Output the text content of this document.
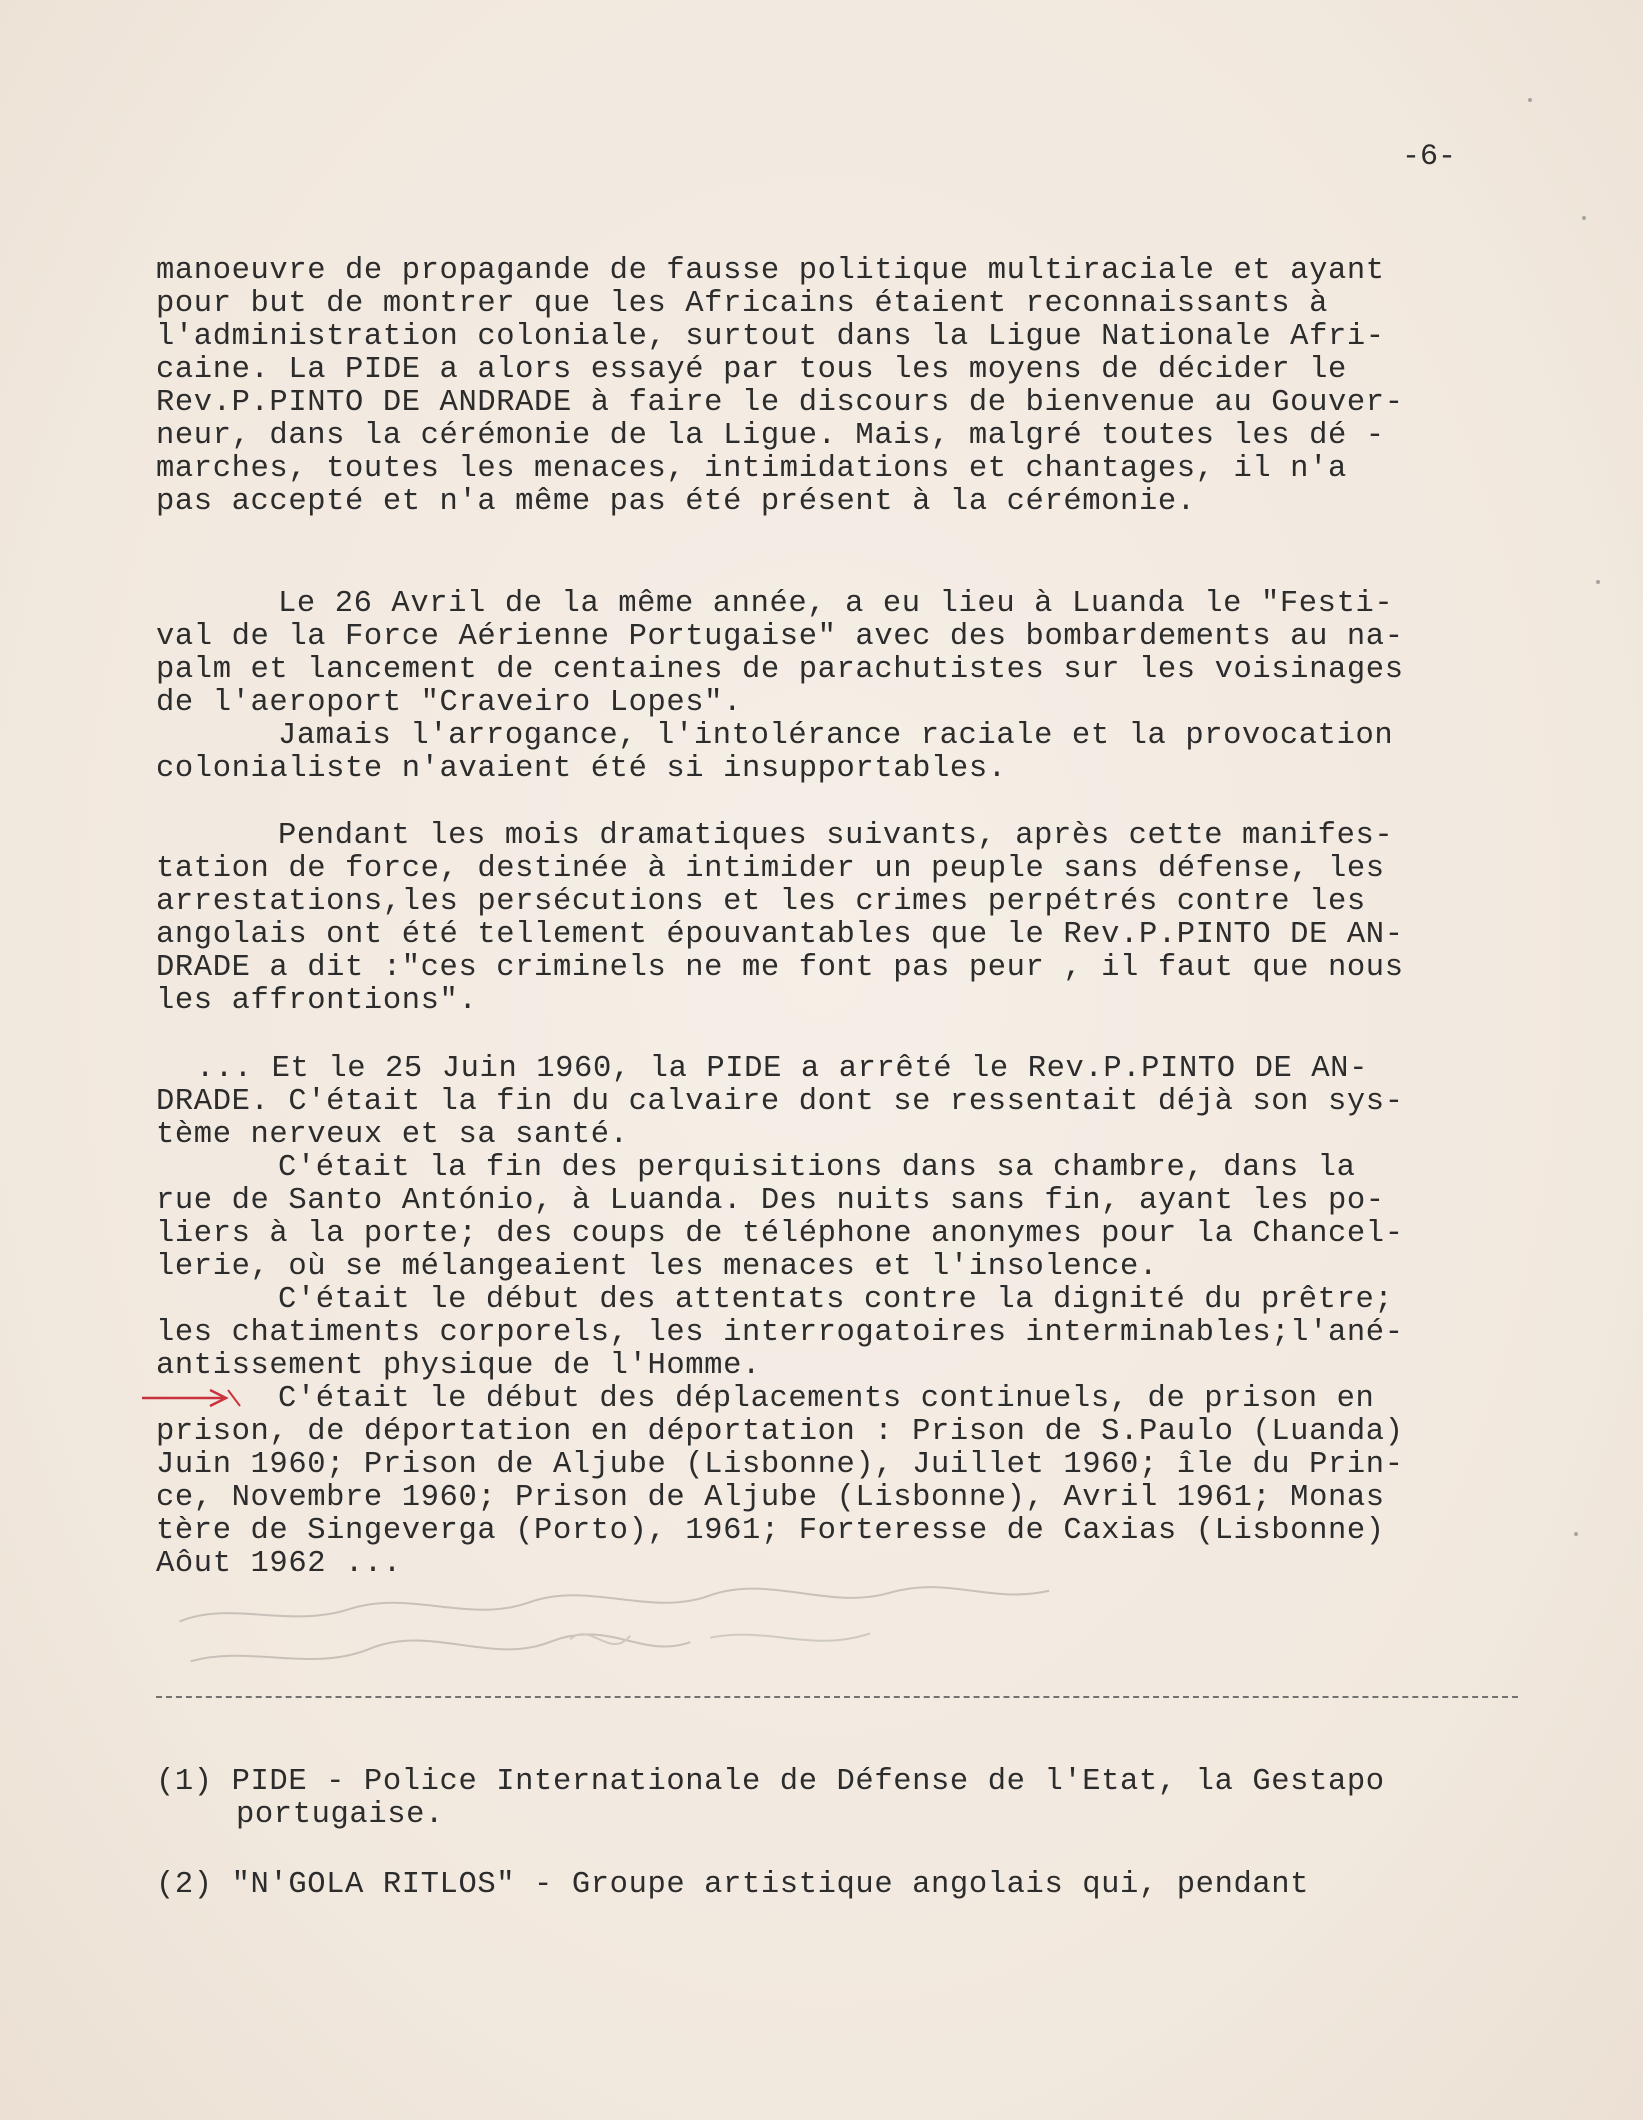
-6-

manoeuvre de propagande de fausse politique multiraciale et ayant

pour but de montrer que les Africains étaient reconnaissants à

l'administration coloniale, surtout dans la Ligue Nationale Afri-

caine. La PIDE a alors essayé par tous les moyens de décider le

Rev.P.PINTO DE ANDRADE à faire le discours de bienvenue au Gouver-

neur, dans la cérémonie de la Ligue. Mais, malgré toutes les dé -

marches, toutes les menaces, intimidations et chantages, il n'a

pas accepté et n'a même pas été présent à la cérémonie.

Le 26 Avril de la même année, a eu lieu à Luanda le "Festi-

val de la Force Aérienne Portugaise" avec des bombardements au na-

palm et lancement de centaines de parachutistes sur les voisinages

de l'aeroport "Craveiro Lopes".

Jamais l'arrogance, l'intolérance raciale et la provocation

colonialiste n'avaient été si insupportables.

Pendant les mois dramatiques suivants, après cette manifes-

tation de force, destinée à intimider un peuple sans défense, les

arrestations,les persécutions et les crimes perpétrés contre les

angolais ont été tellement épouvantables que le Rev.P.PINTO DE AN-

DRADE a dit :"ces criminels ne me font pas peur , il faut que nous

les affrontions".

... Et le 25 Juin 1960, la PIDE a arrêté le Rev.P.PINTO DE AN-

DRADE. C'était la fin du calvaire dont se ressentait déjà son sys-

tème nerveux et sa santé.

C'était la fin des perquisitions dans sa chambre, dans la

rue de Santo António, à Luanda. Des nuits sans fin, ayant les po-

liers à la porte; des coups de téléphone anonymes pour la Chancel-

lerie, où se mélangeaient les menaces et l'insolence.

C'était le début des attentats contre la dignité du prêtre;

les chatiments corporels, les interrogatoires interminables;l'ané-

antissement physique de l'Homme.

C'était le début des déplacements continuels, de prison en

prison, de déportation en déportation : Prison de S.Paulo (Luanda)

Juin 1960; Prison de Aljube (Lisbonne), Juillet 1960; île du Prin-

ce, Novembre 1960; Prison de Aljube (Lisbonne), Avril 1961; Monas

tère de Singeverga (Porto), 1961; Forteresse de Caxias (Lisbonne)

Aôut 1962 ...

(1) PIDE - Police Internationale de Défense de l'Etat, la Gestapo

portugaise.

(2) "N'GOLA RITLOS" - Groupe artistique angolais qui, pendant
